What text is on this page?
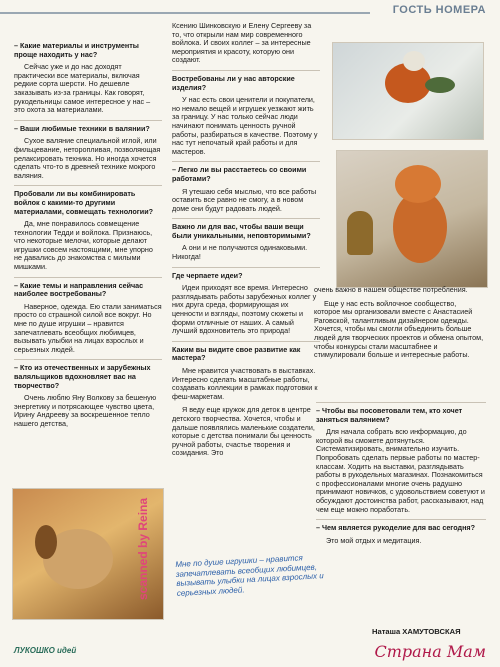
ГОСТЬ НОМЕРА

– Какие материалы и инструменты проще находить у нас?

Сейчас уже и до нас доходят практически все материалы, включая редкие сорта шерсти. Но дешевле заказывать из-за границы. Как говорят, рукодельницы самое интересное у нас – это охота за материалами.

– Ваши любимые техники в валянии?

Сухое валяние специальной иглой, или фильцевание, неторопливая, позволяющая релаксировать техника. Но иногда хочется сделать что-то в древней технике мокрого валяния.

Пробовали ли вы комбинировать войлок с какими-то другими материалами, совмещать технологии?

Да, мне понравилось совмещение технологии Тедди и войлока. Признаюсь, что некоторые мелочи, которые делают игрушки совсем настоящими, мне упорно не давались до знакомства с милыми мишками.

– Какие темы и направления сейчас наиболее востребованы?

Наверное, одежда. Ею стали заниматься просто со страшной силой все вокруг. Но мне по душе игрушки – нравится запечатлевать всеобщих любимцев, вызывать улыбки на лицах взрослых и серьезных людей.

– Кто из отечественных и зарубежных валяльщиков вдохновляет вас на творчество?

Очень люблю Яну Волкову за бешеную энергетику и потрясающее чувство цвета, Ирину Андрееву за воскрешенное тепло нашего детства,

Ксению Шинковскую и Елену Сергееву за то, что открыли нам мир современного войлока. И своих коллег – за интересные мероприятия и красоту, которую они создают.

Востребованы ли у нас авторские изделия?

У нас есть свои ценители и покупатели, но немало вещей и игрушек уезжают жить за границу. У нас только сейчас люди начинают понимать ценность ручной работы, разбираться в качестве. Поэтому у нас тут непочатый край работы и для мастеров.

– Легко ли вы расстаетесь со своими работами?

Я утешаю себя мыслью, что все работы оставить все равно не смогу, а в новом доме они будут радовать людей.

Важно ли для вас, чтобы ваши вещи были уникальными, неповторимыми?

А они и не получаются одинаковыми. Никогда!

Где черпаете идеи?

Идеи приходят все время. Интересно разглядывать работы зарубежных коллег у них друга среда, формирующая их ценности и взгляды, поэтому сюжеты и форми отличные от наших. А самый лучший вдохновитель это природа!

Каким вы видите свое развитие как мастера?

Мне нравится участвовать в выставках. Интересно сделать масштабные работы, создавать коллекции в рамках подготовки к феш-маркетам.

Я веду еще кружок для деток в центре детского творчества. Хочется, чтобы и дальше появлялись маленькие создатели, которые с детства понимали бы ценность ручной работы, счастье творения и созидания. Это

очень важно в нашем обществе потребления.

Еще у нас есть войлочное сообщество, которое мы организовали вместе с Анастасией Раговской, талантливым дизайнером одежды. Хочется, чтобы мы смогли объединить больше людей для творческих проектов и обмена опытом, чтобы конкурсы стали масштабнее и стимулировали больше и интересные работы.

– Чтобы вы посоветовали тем, кто хочет заняться валянием?

Для начала собрать всю информацию, до которой вы сможете дотянуться. Систематизировать, внимательно изучить. Попробовать сделать первые работы по мастер-классам. Ходить на выставки, разглядывать работы в рукодельных магазинах. Познакомиться с профессионалами многие очень радушно принимают новичков, с удовольствием советуют и обсуждают достоинства работ, рассказывают, над чем еще можно поработать.

– Чем является рукоделие для вас сегодня?

Это мой отдых и медитация.

scanned by Reina	Мне по душе игрушки – нравится запечатлевать всеобщих любимцев, вызывать улыбки на лицах взрослых и серьезных людей.
Наташа ХАМУТОВСКАЯ
ЛУКОШКО идей	Страна Мам
